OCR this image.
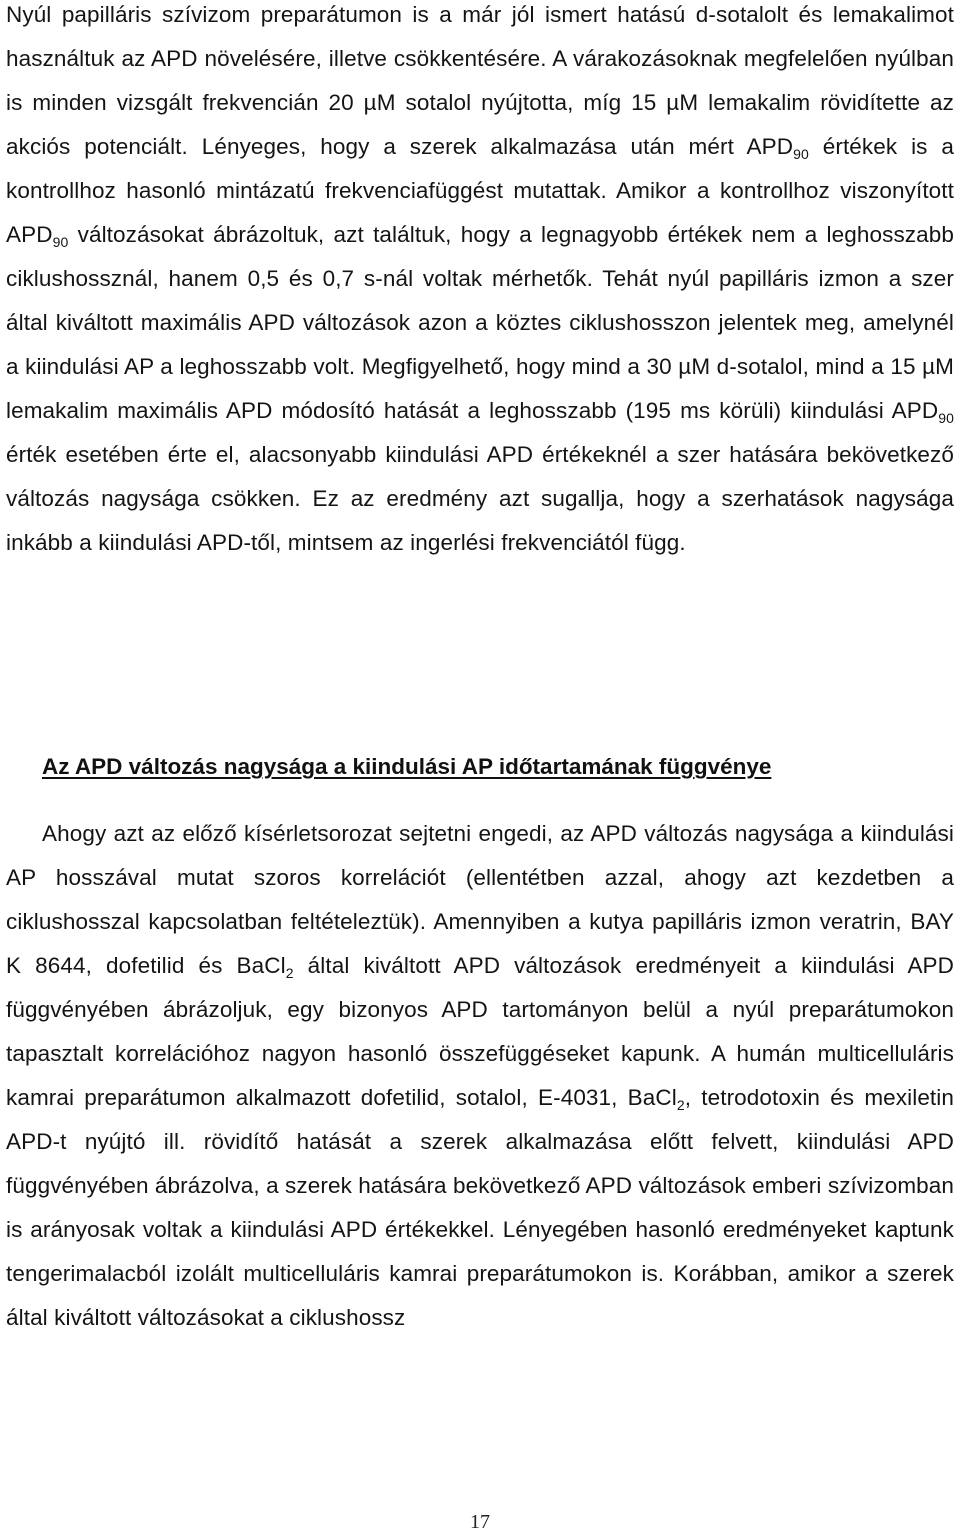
Nyúl papilláris szívizom preparátumon is a már jól ismert hatású d-sotalolt és lemakalimot használtuk az APD növelésére, illetve csökkentésére. A várakozásoknak megfelelően nyúlban is minden vizsgált frekvencián 20 µM sotalol nyújtotta, míg 15 µM lemakalim rövidítette az akciós potenciált. Lényeges, hogy a szerek alkalmazása után mért $APD_{90}$ értékek is a kontrollhoz hasonló mintázatú frekvenciafüggést mutattak. Amikor a kontrollhoz viszonyított $APD_{90}$ változásokat ábrázoltuk, azt találtuk, hogy a legnagyobb értékek nem a leghosszabb ciklushossznál, hanem 0,5 és 0,7 s-nál voltak mérhetők. Tehát nyúl papilláris izmon a szer által kiváltott maximális APD változások azon a köztes ciklushosszon jelentek meg, amelynél a kiindulási AP a leghosszabb volt. Megfigyelhető, hogy mind a 30 µM d-sotalol, mind a 15 µM lemakalim maximális APD módosító hatását a leghosszabb (195 ms körüli) kiindulási $APD_{90}$ érték esetében érte el, alacsonyabb kiindulási APD értékeknél a szer hatására bekövetkező változás nagysága csökken. Ez az eredmény azt sugallja, hogy a szerhatások nagysága inkább a kiindulási APD-től, mintsem az ingerlési frekvenciától függ.

Az APD változás nagysága a kiindulási AP időtartamának függvénye

Ahogy azt az előző kísérletsorozat sejtetni engedi, az APD változás nagysága a kiindulási AP hosszával mutat szoros korrelációt (ellentétben azzal, ahogy azt kezdetben a ciklushosszal kapcsolatban feltételeztük). Amennyiben a kutya papilláris izmon veratrin, BAY K 8644, dofetilid és BaCl$_2$ által kiváltott APD változások eredményeit a kiindulási APD függvényében ábrázoljuk, egy bizonyos APD tartományon belül a nyúl preparátumokon tapasztalt korrelációhoz nagyon hasonló összefüggéseket kapunk. A humán multicelluláris kamrai preparátumon alkalmazott dofetilid, sotalol, E-4031, BaCl$_2$, tetrodotoxin és mexiletin APD-t nyújtó ill. rövidítő hatását a szerek alkalmazása előtt felvett, kiindulási APD függvényében ábrázolva, a szerek hatására bekövetkező APD változások emberi szívizomban is arányosak voltak a kiindulási APD értékekkel. Lényegében hasonló eredményeket kaptunk tengerimalacból izolált multicelluláris kamrai preparátumokon is. Korábban, amikor a szerek által kiváltott változásokat a ciklushossz

17
